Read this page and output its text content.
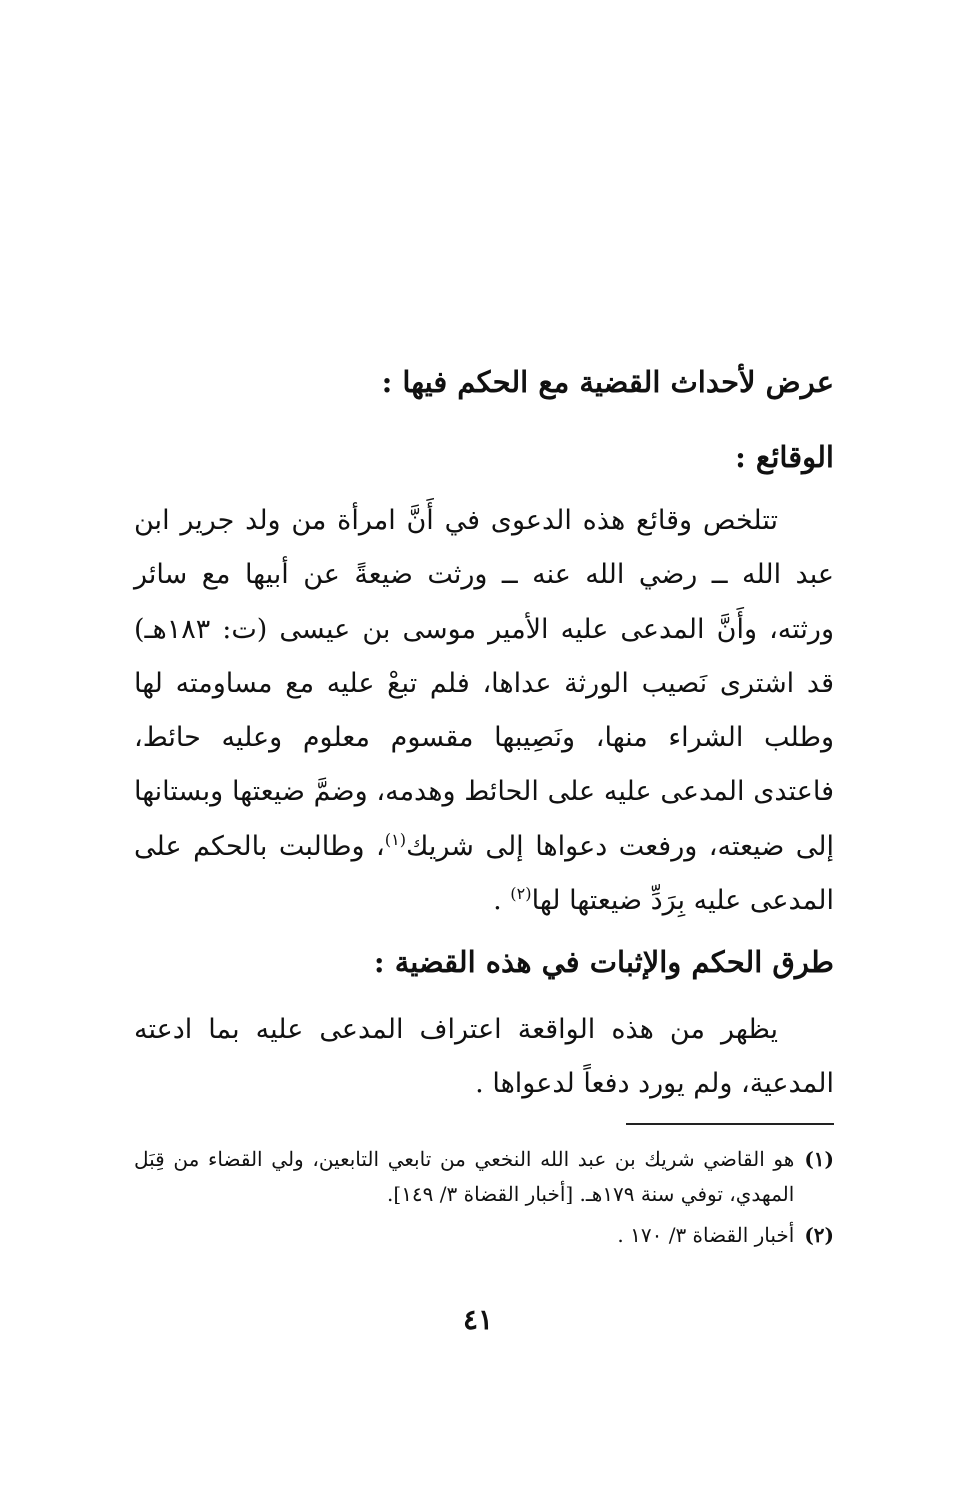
عرض لأحداث القضية مع الحكم فيها :
الوقائع :

تتلخص وقائع هذه الدعوى في أَنَّ امرأة من ولد جرير ابن عبد الله ــ رضي الله عنه ــ ورثت ضيعةً عن أبيها مع سائر ورثته، وأَنَّ المدعى عليه الأمير موسى بن عيسى (ت: ١٨٣هـ) قد اشترى نَصيب الورثة عداها، فلم تبعْ عليه مع مساومته لها وطلب الشراء منها، ونَصِيبها مقسوم معلوم وعليه حائط، فاعتدى المدعى عليه على الحائط وهدمه، وضمَّ ضيعتها وبستانها إلى ضيعته، ورفعت دعواها إلى شريك$^{(١)}$، وطالبت بالحكم على المدعى عليه بِرَدِّ ضيعتها لها$^{(٢)}$ .

طرق الحكم والإثبات في هذه القضية :

يظهر من هذه الواقعة اعتراف المدعى عليه بما ادعته المدعية، ولم يورد دفعاً لدعواها .

(١)
هو القاضي شريك بن عبد الله النخعي من تابعي التابعين، ولي القضاء من قِبَل المهدي، توفي سنة ١٧٩هـ. [أخبار القضاة ٣/ ١٤٩].
(٢)
أخبار القضاة ٣/ ١٧٠ .
٤١
